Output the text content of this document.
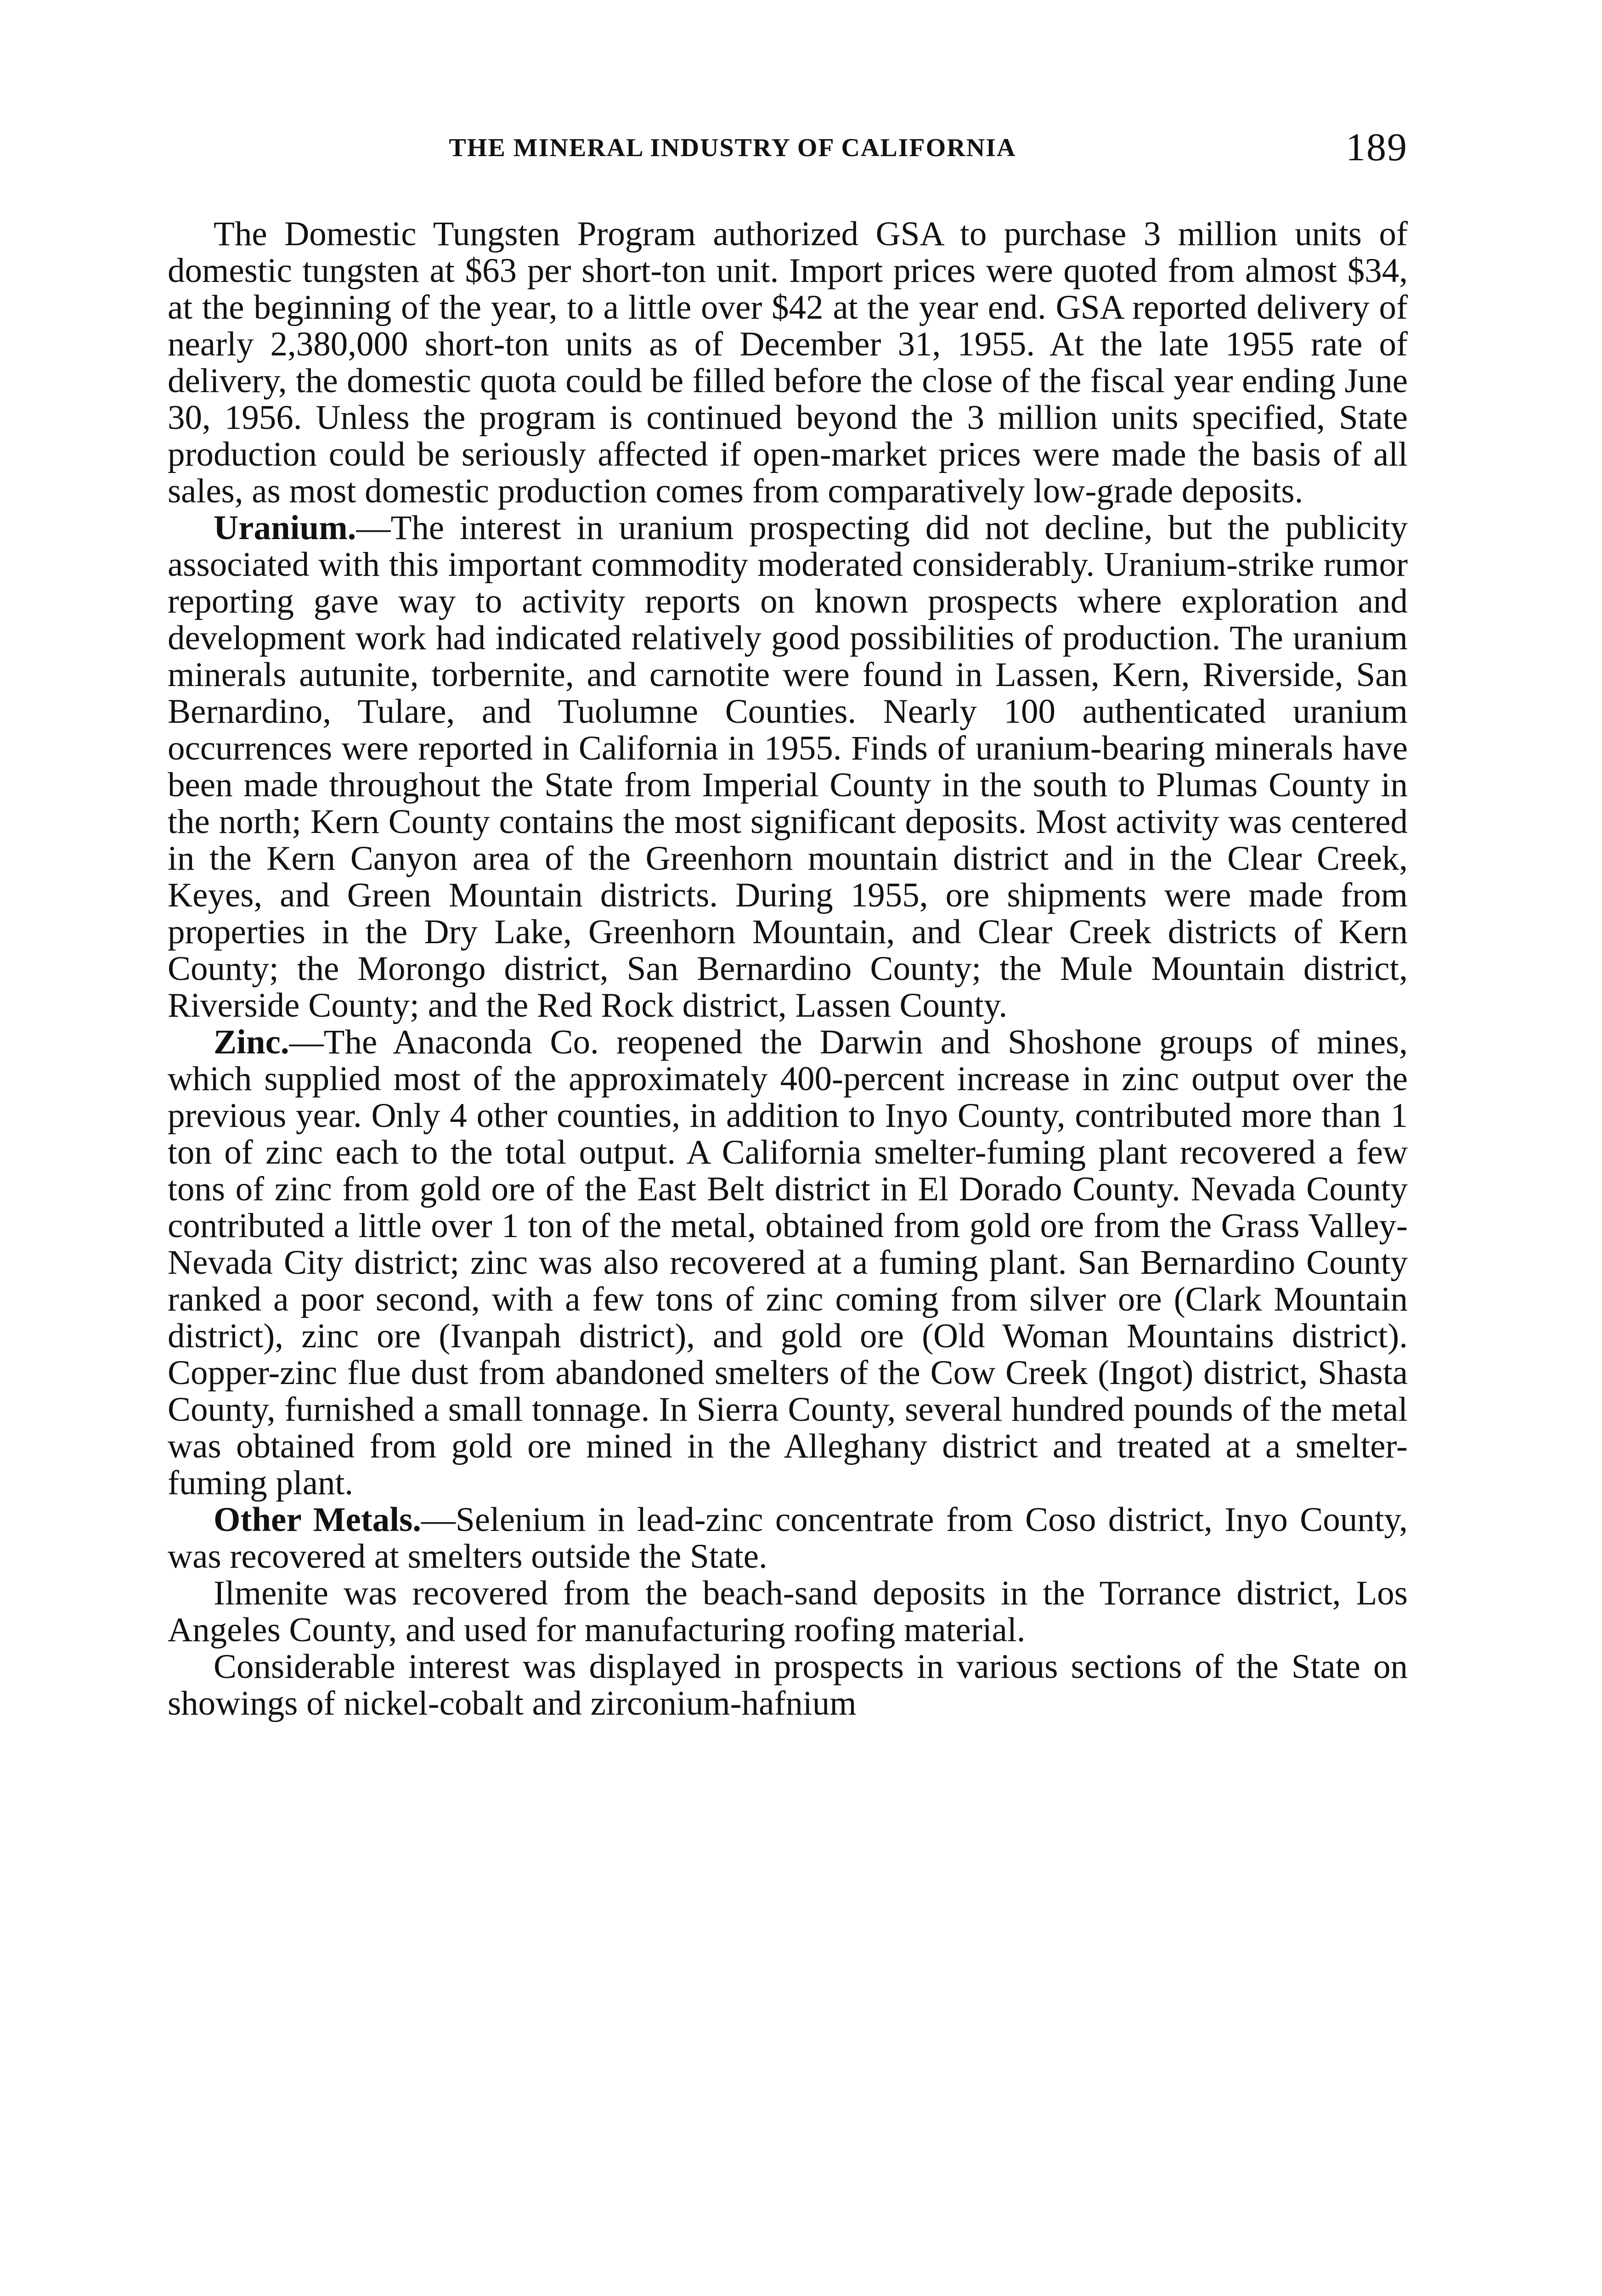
THE MINERAL INDUSTRY OF CALIFORNIA	189

The Domestic Tungsten Program authorized GSA to purchase 3 million units of domestic tungsten at $63 per short-ton unit. Import prices were quoted from almost $34, at the beginning of the year, to a little over $42 at the year end. GSA reported delivery of nearly 2,380,000 short-ton units as of December 31, 1955. At the late 1955 rate of delivery, the domestic quota could be filled before the close of the fiscal year ending June 30, 1956. Unless the program is continued beyond the 3 million units specified, State production could be seriously affected if open-market prices were made the basis of all sales, as most domestic production comes from comparatively low-grade deposits.

Uranium.—The interest in uranium prospecting did not decline, but the publicity associated with this important commodity moderated considerably. Uranium-strike rumor reporting gave way to activity reports on known prospects where exploration and development work had indicated relatively good possibilities of production. The uranium minerals autunite, torbernite, and carnotite were found in Lassen, Kern, Riverside, San Bernardino, Tulare, and Tuolumne Counties. Nearly 100 authenticated uranium occurrences were reported in California in 1955. Finds of uranium-bearing minerals have been made throughout the State from Imperial County in the south to Plumas County in the north; Kern County contains the most significant deposits. Most activity was centered in the Kern Canyon area of the Greenhorn mountain district and in the Clear Creek, Keyes, and Green Mountain districts. During 1955, ore shipments were made from properties in the Dry Lake, Greenhorn Mountain, and Clear Creek districts of Kern County; the Morongo district, San Bernardino County; the Mule Mountain district, Riverside County; and the Red Rock district, Lassen County.

Zinc.—The Anaconda Co. reopened the Darwin and Shoshone groups of mines, which supplied most of the approximately 400-percent increase in zinc output over the previous year. Only 4 other counties, in addition to Inyo County, contributed more than 1 ton of zinc each to the total output. A California smelter-fuming plant recovered a few tons of zinc from gold ore of the East Belt district in El Dorado County. Nevada County contributed a little over 1 ton of the metal, obtained from gold ore from the Grass Valley-Nevada City district; zinc was also recovered at a fuming plant. San Bernardino County ranked a poor second, with a few tons of zinc coming from silver ore (Clark Mountain district), zinc ore (Ivanpah district), and gold ore (Old Woman Mountains district). Copper-zinc flue dust from abandoned smelters of the Cow Creek (Ingot) district, Shasta County, furnished a small tonnage. In Sierra County, several hundred pounds of the metal was obtained from gold ore mined in the Alleghany district and treated at a smelter-fuming plant.

Other Metals.—Selenium in lead-zinc concentrate from Coso district, Inyo County, was recovered at smelters outside the State.

Ilmenite was recovered from the beach-sand deposits in the Torrance district, Los Angeles County, and used for manufacturing roofing material.

Considerable interest was displayed in prospects in various sections of the State on showings of nickel-cobalt and zirconium-hafnium
